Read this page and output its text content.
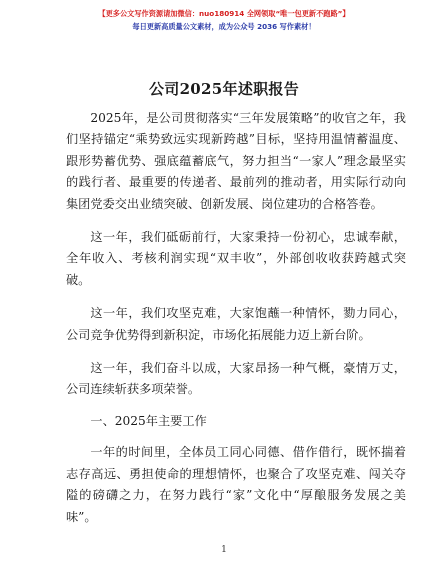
【更多公文写作资源请加微信：nuo180914 全网领取“唯一包更新不跑路”】
每日更新高质量公文素材，成为公众号 2036 写作素材！
公司2025年述职报告

2025年，是公司贯彻落实“三年发展策略”的收官之年，我们坚持锚定“乘势致远实现新跨越”目标，坚持用温情蓄温度、跟形势蓄优势、强底蕴蓄底气，努力担当“一家人”理念最坚实的践行者、最重要的传递者、最前列的推动者，用实际行动向集团党委交出业绩突破、创新发展、岗位建功的合格答卷。

这一年，我们砥砺前行，大家秉持一份初心，忠诚奉献，全年收入、考核利润实现“双丰收”，外部创收收获跨越式突破。

这一年，我们攻坚克难，大家饱蘸一种情怀，勠力同心，公司竞争优势得到新积淀，市场化拓展能力迈上新台阶。

这一年，我们奋斗以成，大家昂扬一种气概，豪情万丈，公司连续斩获多项荣誉。

一、2025年主要工作

一年的时间里，全体员工同心同德、借作借行，既怀揣着志存高远、勇担使命的理想情怀，也聚合了攻坚克难、闯关夺隘的磅礴之力，在努力践行“家”文化中“厚酿服务发展之美味”。

1
